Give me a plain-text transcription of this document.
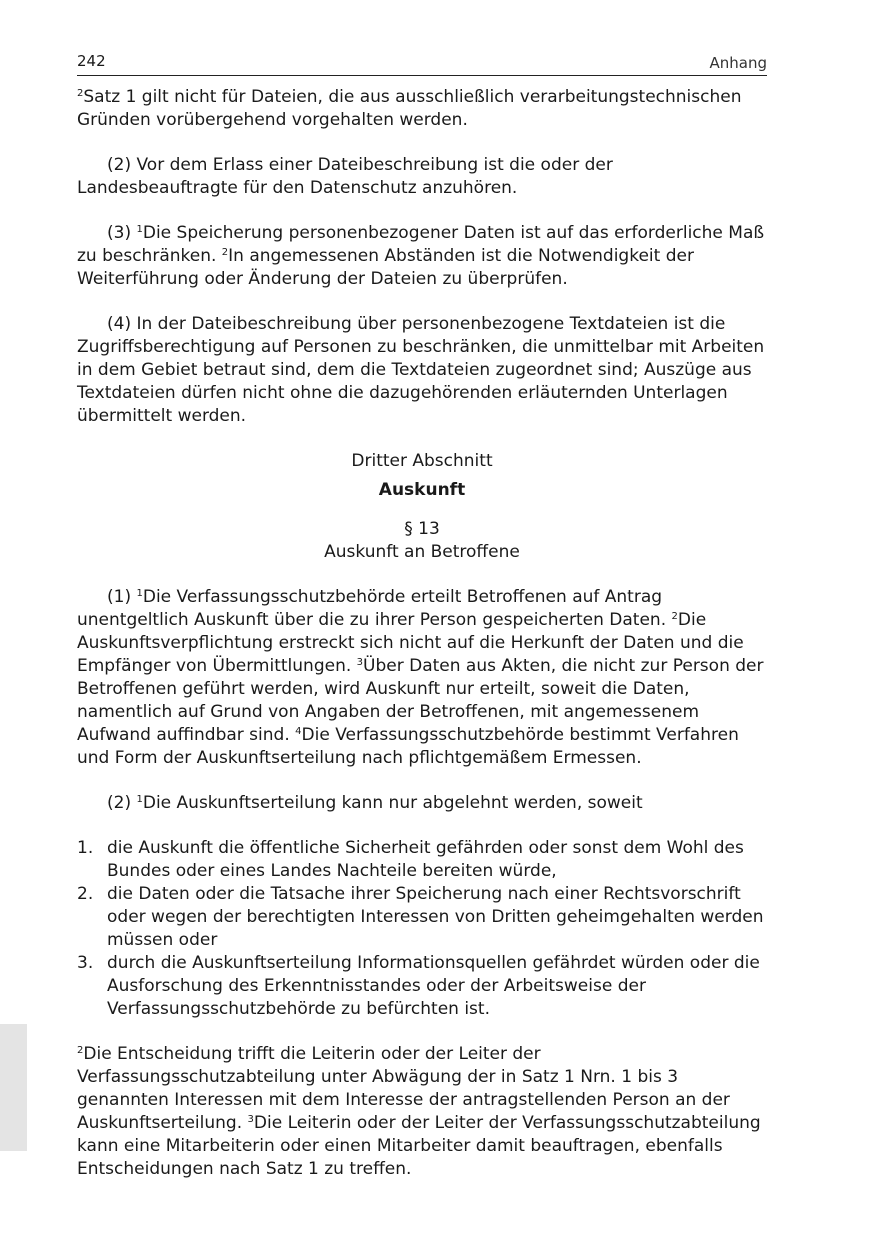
242	Anhang

$^2$Satz 1 gilt nicht für Dateien, die aus ausschließlich verarbeitungstechnischen Gründen vorübergehend vorgehalten werden.

(2) Vor dem Erlass einer Dateibeschreibung ist die oder der Landesbeauftragte für den Datenschutz anzuhören.

(3) $^1$Die Speicherung personenbezogener Daten ist auf das erforderliche Maß zu beschränken. $^2$In angemessenen Abständen ist die Notwendigkeit der Weiterführung oder Änderung der Dateien zu überprüfen.

(4) In der Dateibeschreibung über personenbezogene Textdateien ist die Zugriffsberechtigung auf Personen zu beschränken, die unmittelbar mit Arbeiten in dem Gebiet betraut sind, dem die Textdateien zugeordnet sind; Auszüge aus Textdateien dürfen nicht ohne die dazugehörenden erläuternden Unterlagen übermittelt werden.

Dritter Abschnitt

Auskunft

§ 13

Auskunft an Betroffene

(1) $^1$Die Verfassungsschutzbehörde erteilt Betroffenen auf Antrag unentgeltlich Auskunft über die zu ihrer Person gespeicherten Daten. $^2$Die Auskunftsverpflichtung erstreckt sich nicht auf die Herkunft der Daten und die Empfänger von Übermittlungen. $^3$Über Daten aus Akten, die nicht zur Person der Betroffenen geführt werden, wird Auskunft nur erteilt, soweit die Daten, namentlich auf Grund von Angaben der Betroffenen, mit angemessenem Aufwand auffindbar sind. $^4$Die Verfassungsschutzbehörde bestimmt Verfahren und Form der Auskunftserteilung nach pflichtgemäßem Ermessen.

(2) $^1$Die Auskunftserteilung kann nur abgelehnt werden, soweit

1. die Auskunft die öffentliche Sicherheit gefährden oder sonst dem Wohl des Bundes oder eines Landes Nachteile bereiten würde,
2. die Daten oder die Tatsache ihrer Speicherung nach einer Rechtsvorschrift oder wegen der berechtigten Interessen von Dritten geheimgehalten werden müssen oder
3. durch die Auskunftserteilung Informationsquellen gefährdet würden oder die Ausforschung des Erkenntnisstandes oder der Arbeitsweise der Verfassungsschutzbehörde zu befürchten ist.

$^2$Die Entscheidung trifft die Leiterin oder der Leiter der Verfassungsschutzabteilung unter Abwägung der in Satz 1 Nrn. 1 bis 3 genannten Interessen mit dem Interesse der antragstellenden Person an der Auskunftserteilung. $^3$Die Leiterin oder der Leiter der Verfassungsschutzabteilung kann eine Mitarbeiterin oder einen Mitarbeiter damit beauftragen, ebenfalls Entscheidungen nach Satz 1 zu treffen.
